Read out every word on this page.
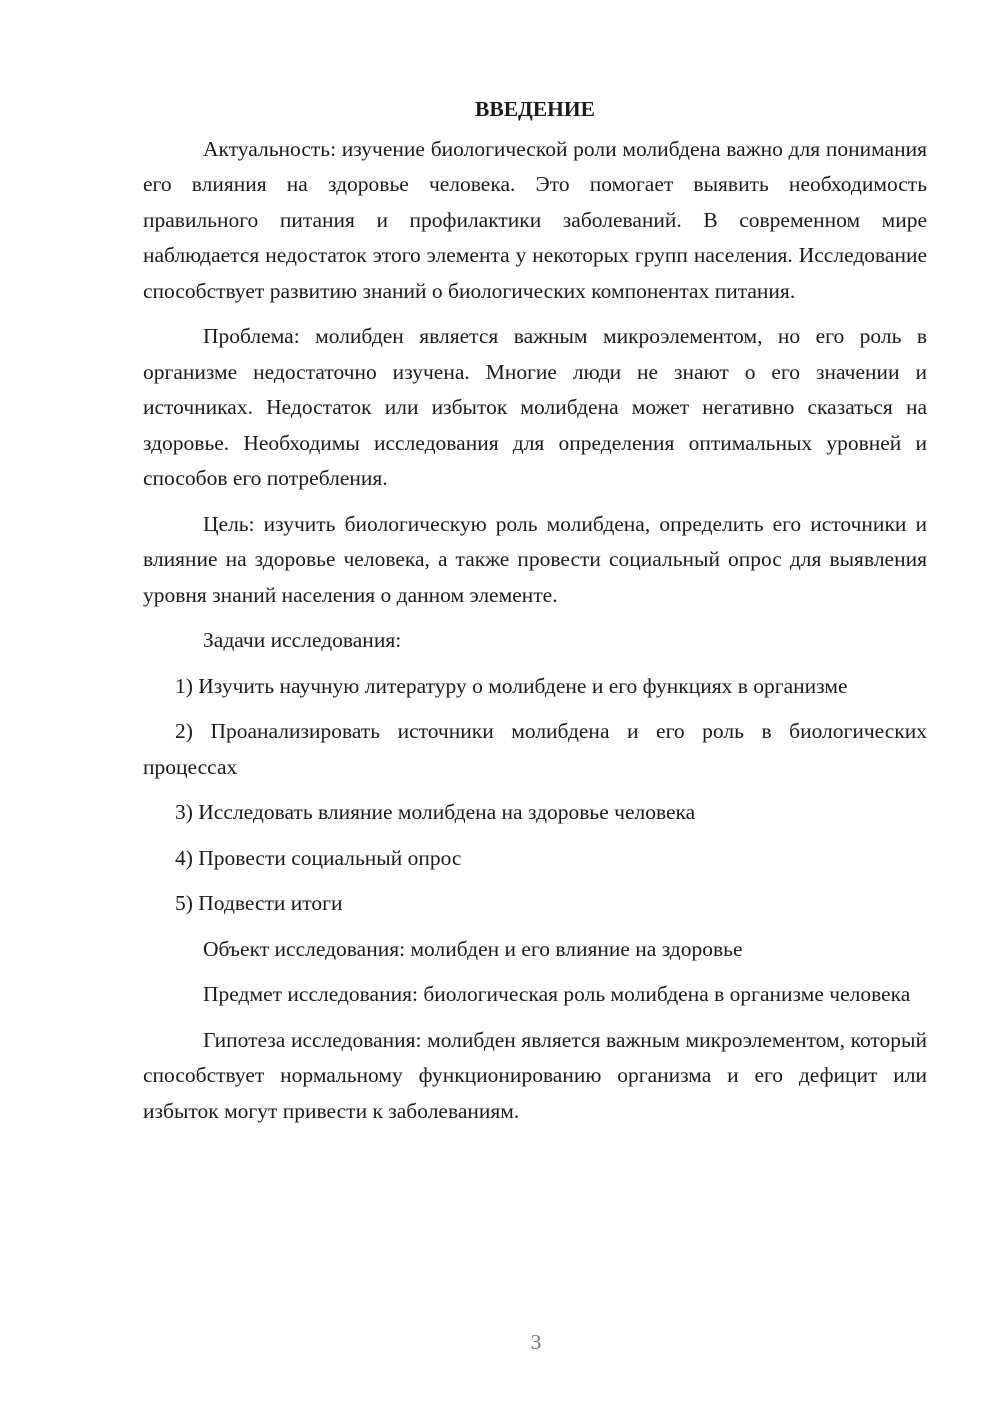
ВВЕДЕНИЕ

Актуальность: изучение биологической роли молибдена важно для понимания его влияния на здоровье человека. Это помогает выявить необходимость правильного питания и профилактики заболеваний. В современном мире наблюдается недостаток этого элемента у некоторых групп населения. Исследование способствует развитию знаний о биологических компонентах питания.

Проблема: молибден является важным микроэлементом, но его роль в организме недостаточно изучена. Многие люди не знают о его значении и источниках. Недостаток или избыток молибдена может негативно сказаться на здоровье. Необходимы исследования для определения оптимальных уровней и способов его потребления.

Цель: изучить биологическую роль молибдена, определить его источники и влияние на здоровье человека, а также провести социальный опрос для выявления уровня знаний населения о данном элементе.

Задачи исследования:

1) Изучить научную литературу о молибдене и его функциях в организме

2) Проанализировать источники молибдена и его роль в биологических процессах

3) Исследовать влияние молибдена на здоровье человека

4) Провести социальный опрос

5) Подвести итоги

Объект исследования: молибден и его влияние на здоровье

Предмет исследования: биологическая роль молибдена в организме человека

Гипотеза исследования: молибден является важным микроэлементом, который способствует нормальному функционированию организма и его дефицит или избыток могут привести к заболеваниям.

3
